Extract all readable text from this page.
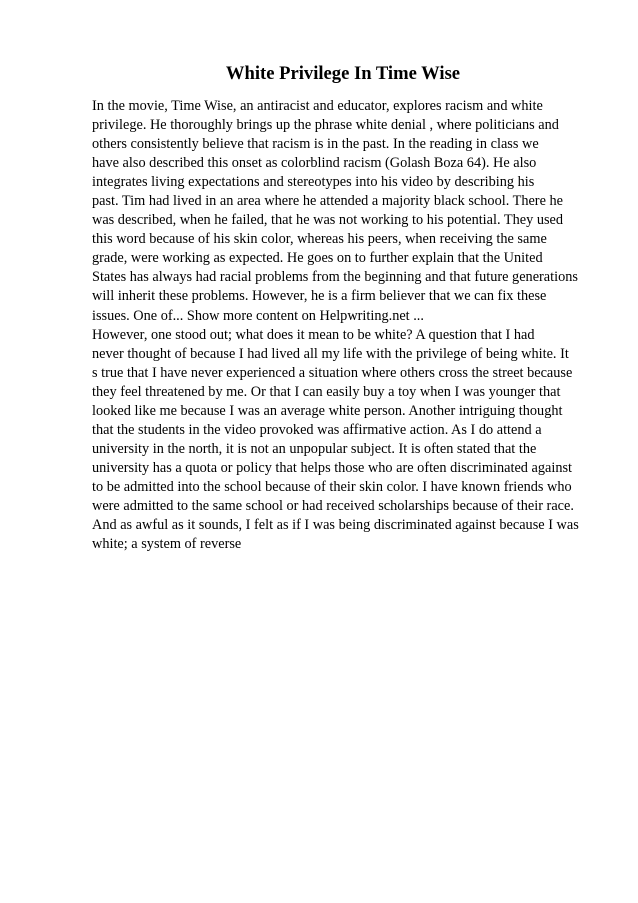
White Privilege In Time Wise
In the movie, Time Wise, an antiracist and educator, explores racism and white
privilege. He thoroughly brings up the phrase white denial , where politicians and
others consistently believe that racism is in the past. In the reading in class we
have also described this onset as colorblind racism (Golash Boza 64). He also
integrates living expectations and stereotypes into his video by describing his
past. Tim had lived in an area where he attended a majority black school. There he
was described, when he failed, that he was not working to his potential. They used
this word because of his skin color, whereas his peers, when receiving the same
grade, were working as expected. He goes on to further explain that the United
States has always had racial problems from the beginning and that future generations
will inherit these problems. However, he is a firm believer that we can fix these
issues. One of... Show more content on Helpwriting.net ...
However, one stood out; what does it mean to be white? A question that I had
never thought of because I had lived all my life with the privilege of being white. It
s true that I have never experienced a situation where others cross the street because
they feel threatened by me. Or that I can easily buy a toy when I was younger that
looked like me because I was an average white person. Another intriguing thought
that the students in the video provoked was affirmative action. As I do attend a
university in the north, it is not an unpopular subject. It is often stated that the
university has a quota or policy that helps those who are often discriminated against
to be admitted into the school because of their skin color. I have known friends who
were admitted to the same school or had received scholarships because of their race.
And as awful as it sounds, I felt as if I was being discriminated against because I was
white; a system of reverse
